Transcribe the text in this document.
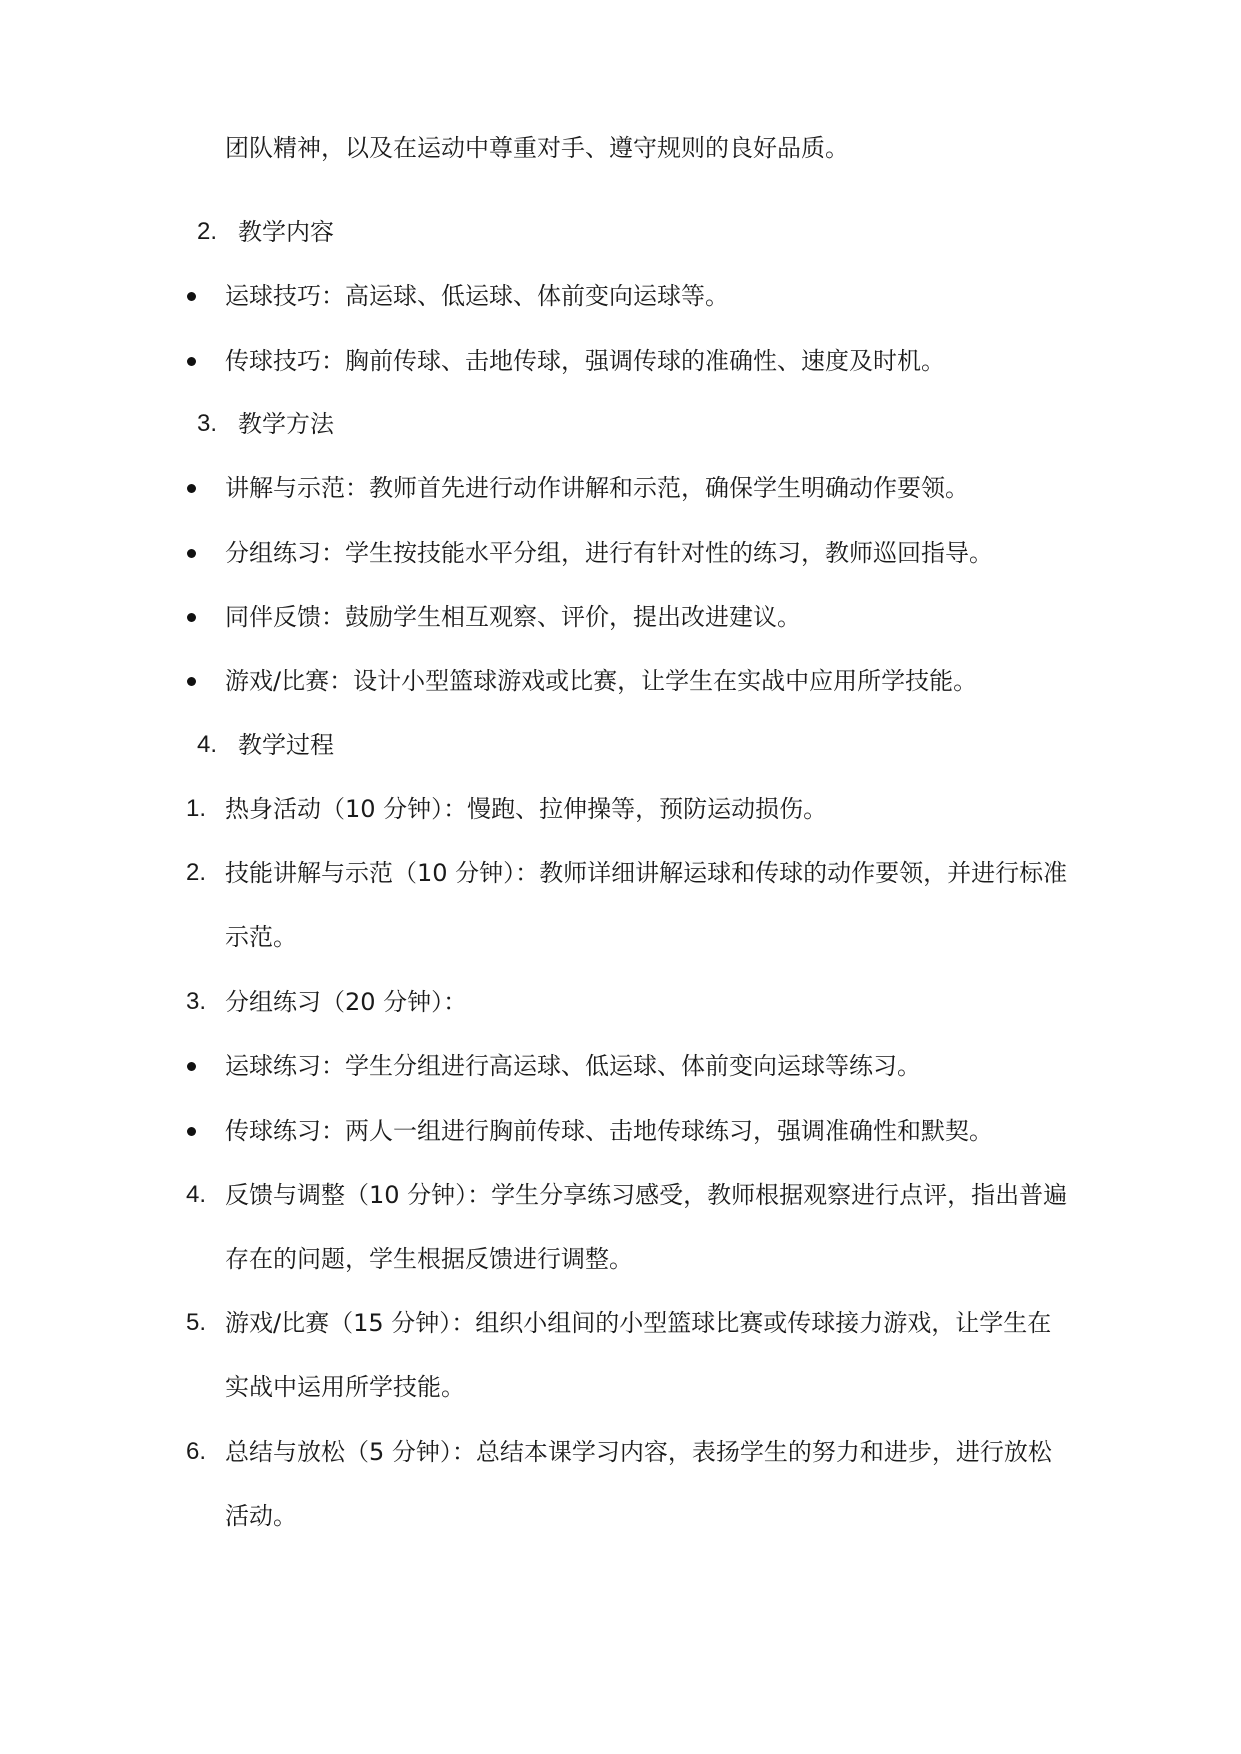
团队精神，以及在运动中尊重对手、遵守规则的良好品质。
2. 教学内容
运球技巧：高运球、低运球、体前变向运球等。
传球技巧：胸前传球、击地传球，强调传球的准确性、速度及时机。
3. 教学方法
讲解与示范：教师首先进行动作讲解和示范，确保学生明确动作要领。
分组练习：学生按技能水平分组，进行有针对性的练习，教师巡回指导。
同伴反馈：鼓励学生相互观察、评价，提出改进建议。
游戏/比赛：设计小型篮球游戏或比赛，让学生在实战中应用所学技能。
4. 教学过程
1. 热身活动（10 分钟）：慢跑、拉伸操等，预防运动损伤。
2. 技能讲解与示范（10 分钟）：教师详细讲解运球和传球的动作要领，并进行标准
示范。
3. 分组练习（20 分钟）：
运球练习：学生分组进行高运球、低运球、体前变向运球等练习。
传球练习：两人一组进行胸前传球、击地传球练习，强调准确性和默契。
4. 反馈与调整（10 分钟）：学生分享练习感受，教师根据观察进行点评，指出普遍
存在的问题，学生根据反馈进行调整。
5. 游戏/比赛（15 分钟）：组织小组间的小型篮球比赛或传球接力游戏，让学生在
实战中运用所学技能。
6. 总结与放松（5 分钟）：总结本课学习内容，表扬学生的努力和进步，进行放松
活动。
